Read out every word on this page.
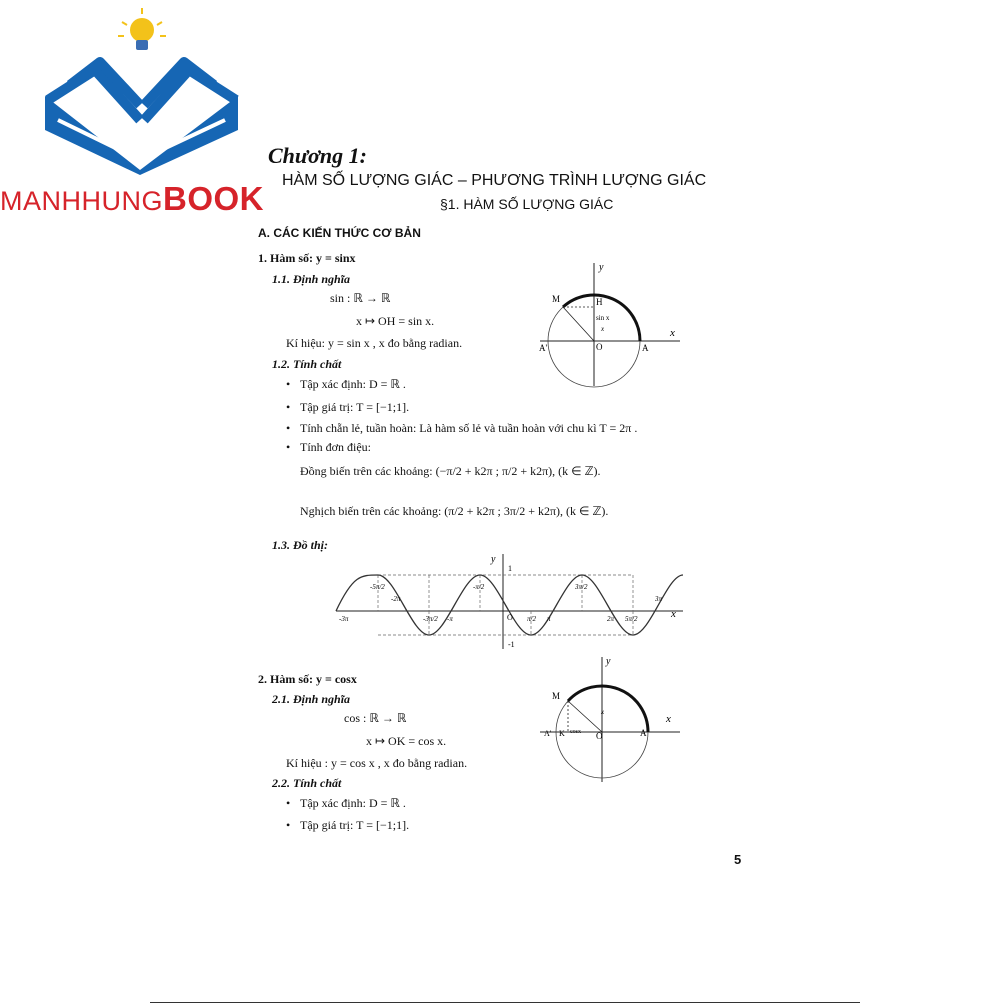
MANHHUNGBOOK
Chương 1:
HÀM SỐ LƯỢNG GIÁC – PHƯƠNG TRÌNH LƯỢNG GIÁC
§1. HÀM SỐ LƯỢNG GIÁC
A. CÁC KIẾN THỨC CƠ BẢN
1. Hàm số: y = sinx
1.1. Định nghĩa
sin : ℝ → ℝ
x ↦ OH = sin x.
Kí hiệu: y = sin x , x đo bằng radian.
1.2. Tính chất
• Tập xác định: D = ℝ .
• Tập giá trị: T = [−1;1].
• Tính chẵn lẻ, tuần hoàn: Là hàm số lẻ và tuần hoàn với chu kì T = 2π .
• Tính đơn điệu:
Đồng biến trên các khoảng: (−π/2 + k2π ; π/2 + k2π), (k ∈ ℤ).
Nghịch biến trên các khoảng: (π/2 + k2π ; 3π/2 + k2π), (k ∈ ℤ).
1.3. Đồ thị:
y
x
M	H
sin x
x
A'	O	A
y
1
-1
O	x
-5π/2
-2π
-π/2	3π/2
3π
-3π	-3π/2 -π	π/2 π	2π 5π/2
2. Hàm số: y = cosx
2.1. Định nghĩa
cos : ℝ → ℝ
x ↦ OK = cos x.
Kí hiệu : y = cos x , x đo bằng radian.
2.2. Tính chất
• Tập xác định: D = ℝ .
• Tập giá trị: T = [−1;1].
y
x
M
x
A' K cosx O	A
5
